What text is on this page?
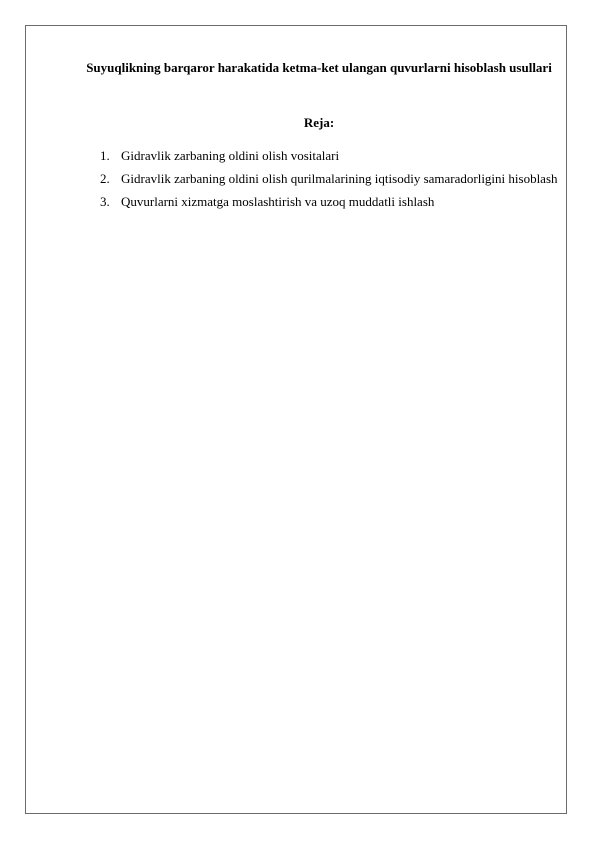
Suyuqlikning barqaror harakatida ketma-ket ulangan quvurlarni hisoblash usullari
Reja:
1. Gidravlik zarbaning oldini olish vositalari
2. Gidravlik zarbaning oldini olish qurilmalarining iqtisodiy samaradorligini hisoblash
3. Quvurlarni xizmatga moslashtirish va uzoq muddatli ishlash
